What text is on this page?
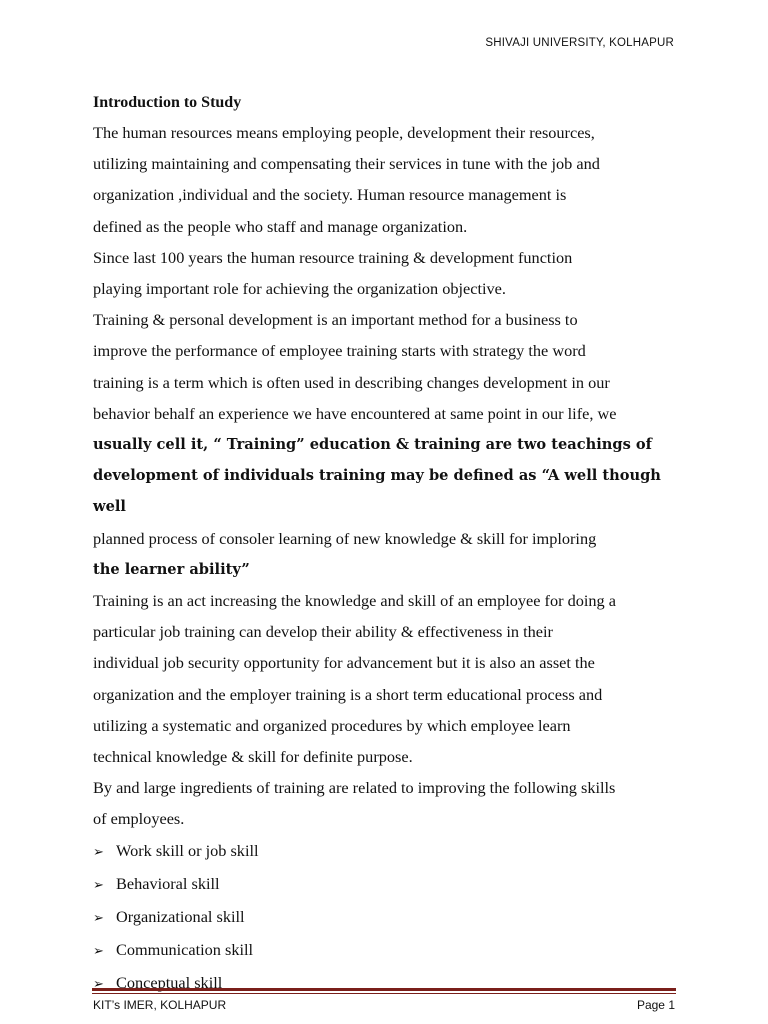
SHIVAJI UNIVERSITY, KOLHAPUR

Introduction to Study

The human resources means employing people, development their resources,

utilizing maintaining and compensating their services in tune with the job and

organization ,individual and the society. Human resource management is

defined as the people who staff and manage organization.

Since last 100 years the human resource training & development function

playing important role for achieving the organization objective.

Training & personal development is an important method for a business to

improve the performance of employee training starts with strategy the word

training is a term which is often used in describing changes development in our

behavior behalf an experience we have encountered at same point in our life, we

usually cell it, “ Training” education & training are two teachings of

development of individuals training may be defined as “A well though well

planned process of consoler learning of new knowledge & skill for imploring

the learner ability”

Training is an act increasing the knowledge and skill of an employee for doing a

particular job training can develop their ability & effectiveness in their

individual job security opportunity for advancement but it is also an asset the

organization and the employer training is a short term educational process and

utilizing a systematic and organized procedures by which employee learn

technical knowledge & skill for definite purpose.

By and large ingredients of training are related to improving the following skills

of employees.

➢ Work skill or job skill
➢ Behavioral skill
➢ Organizational skill
➢ Communication skill
➢ Conceptual skill
KIT’s IMER, KOLHAPUR	Page 1
